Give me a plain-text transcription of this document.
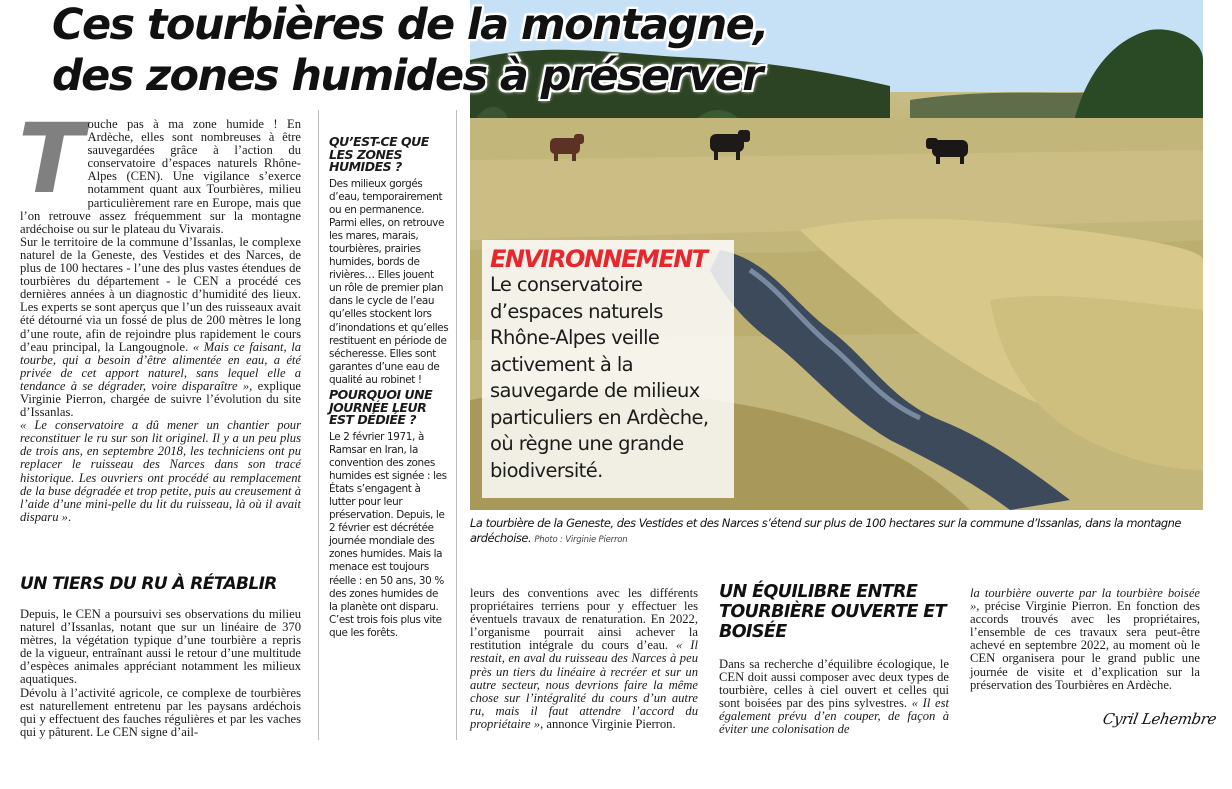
Ces tourbières de la montagne,
des zones humides à préserver
T ouche pas à ma zone humide ! En Ardèche, elles sont nombreuses à être sauvegardées grâce à l’action du conservatoire d’espaces naturels Rhône-Alpes (CEN). Une vigilance s’exerce notamment quant aux Tourbières, milieu particulièrement rare en Europe, mais que l’on retrouve assez fréquemment sur la montagne ardéchoise ou sur le plateau du Vivarais.

Sur le territoire de la commune d’Issanlas, le complexe naturel de la Geneste, des Vestides et des Narces, de plus de 100 hectares - l’une des plus vastes étendues de tourbières du département - le CEN a procédé ces dernières années à un diagnostic d’humidité des lieux. Les experts se sont aperçus que l’un des ruisseaux avait été détourné via un fossé de plus de 200 mètres le long d’une route, afin de rejoindre plus rapidement le cours d’eau principal, la Langougnole. « Mais ce faisant, la tourbe, qui a besoin d’être alimentée en eau, a été privée de cet apport naturel, sans lequel elle a tendance à se dégrader, voire disparaître », explique Virginie Pierron, chargée de suivre l’évolution du site d’Issanlas.

« Le conservatoire a dû mener un chantier pour reconstituer le ru sur son lit originel. Il y a un peu plus de trois ans, en septembre 2018, les techniciens ont pu replacer le ruisseau des Narces dans son tracé historique. Les ouvriers ont procédé au remplacement de la buse dégradée et trop petite, puis au creusement à l’aide d’une mini-pelle du lit du ruisseau, là où il avait disparu ».

UN TIERS DU RU À RÉTABLIR

Depuis, le CEN a poursuivi ses observations du milieu naturel d’Issanlas, notant que sur un linéaire de 370 mètres, la végétation typique d’une tourbière a repris de la vigueur, entraînant aussi le retour d’une multitude d’espèces animales appréciant notamment les milieux aquatiques.

Dévolu à l’activité agricole, ce complexe de tourbières est naturellement entretenu par les paysans ardéchois qui y effectuent des fauches régulières et par les vaches qui y pâturent. Le CEN signe d’ail-

QU’EST-CE QUE LES ZONES HUMIDES ?
Des milieux gorgés d’eau, temporairement ou en permanence. Parmi elles, on retrouve les mares, marais, tourbières, prairies humides, bords de rivières… Elles jouent un rôle de premier plan dans le cycle de l’eau qu’elles stockent lors d’inondations et qu’elles restituent en période de sécheresse. Elles sont garantes d’une eau de qualité au robinet !
POURQUOI UNE JOURNÉE LEUR EST DÉDIÉE ?
Le 2 février 1971, à Ramsar en Iran, la convention des zones humides est signée : les États s’engagent à lutter pour leur préservation. Depuis, le 2 février est décrétée journée mondiale des zones humides. Mais la menace est toujours réelle : en 50 ans, 30 % des zones humides de la planète ont disparu. C’est trois fois plus vite que les forêts.
ENVIRONNEMENT
Le conservatoire d’espaces naturels Rhône-Alpes veille activement à la sauvegarde de milieux particuliers en Ardèche, où règne une grande biodiversité.
La tourbière de la Geneste, des Vestides et des Narces s’étend sur plus de 100 hectares sur la commune d’Issanlas, dans la montagne ardéchoise. Photo : Virginie Pierron

leurs des conventions avec les différents propriétaires terriens pour y effectuer les éventuels travaux de renaturation. En 2022, l’organisme pourrait ainsi achever la restitution intégrale du cours d’eau. « Il restait, en aval du ruisseau des Narces à peu près un tiers du linéaire à recréer et sur un autre secteur, nous devrions faire la même chose sur l’intégralité du cours d’un autre ru, mais il faut attendre l’accord du propriétaire », annonce Virginie Pierron.

UN ÉQUILIBRE ENTRE TOURBIÈRE OUVERTE ET BOISÉE

Dans sa recherche d’équilibre écologique, le CEN doit aussi composer avec deux types de tourbière, celles à ciel ouvert et celles qui sont boisées par des pins sylvestres. « Il est également prévu d’en couper, de façon à éviter une colonisation de

la tourbière ouverte par la tourbière boisée », précise Virginie Pierron. En fonction des accords trouvés avec les propriétaires, l’ensemble de ces travaux sera peut-être achevé en septembre 2022, au moment où le CEN organisera pour le grand public une journée de visite et d’explication sur la préservation des Tourbières en Ardèche.

Cyril Lehembre
